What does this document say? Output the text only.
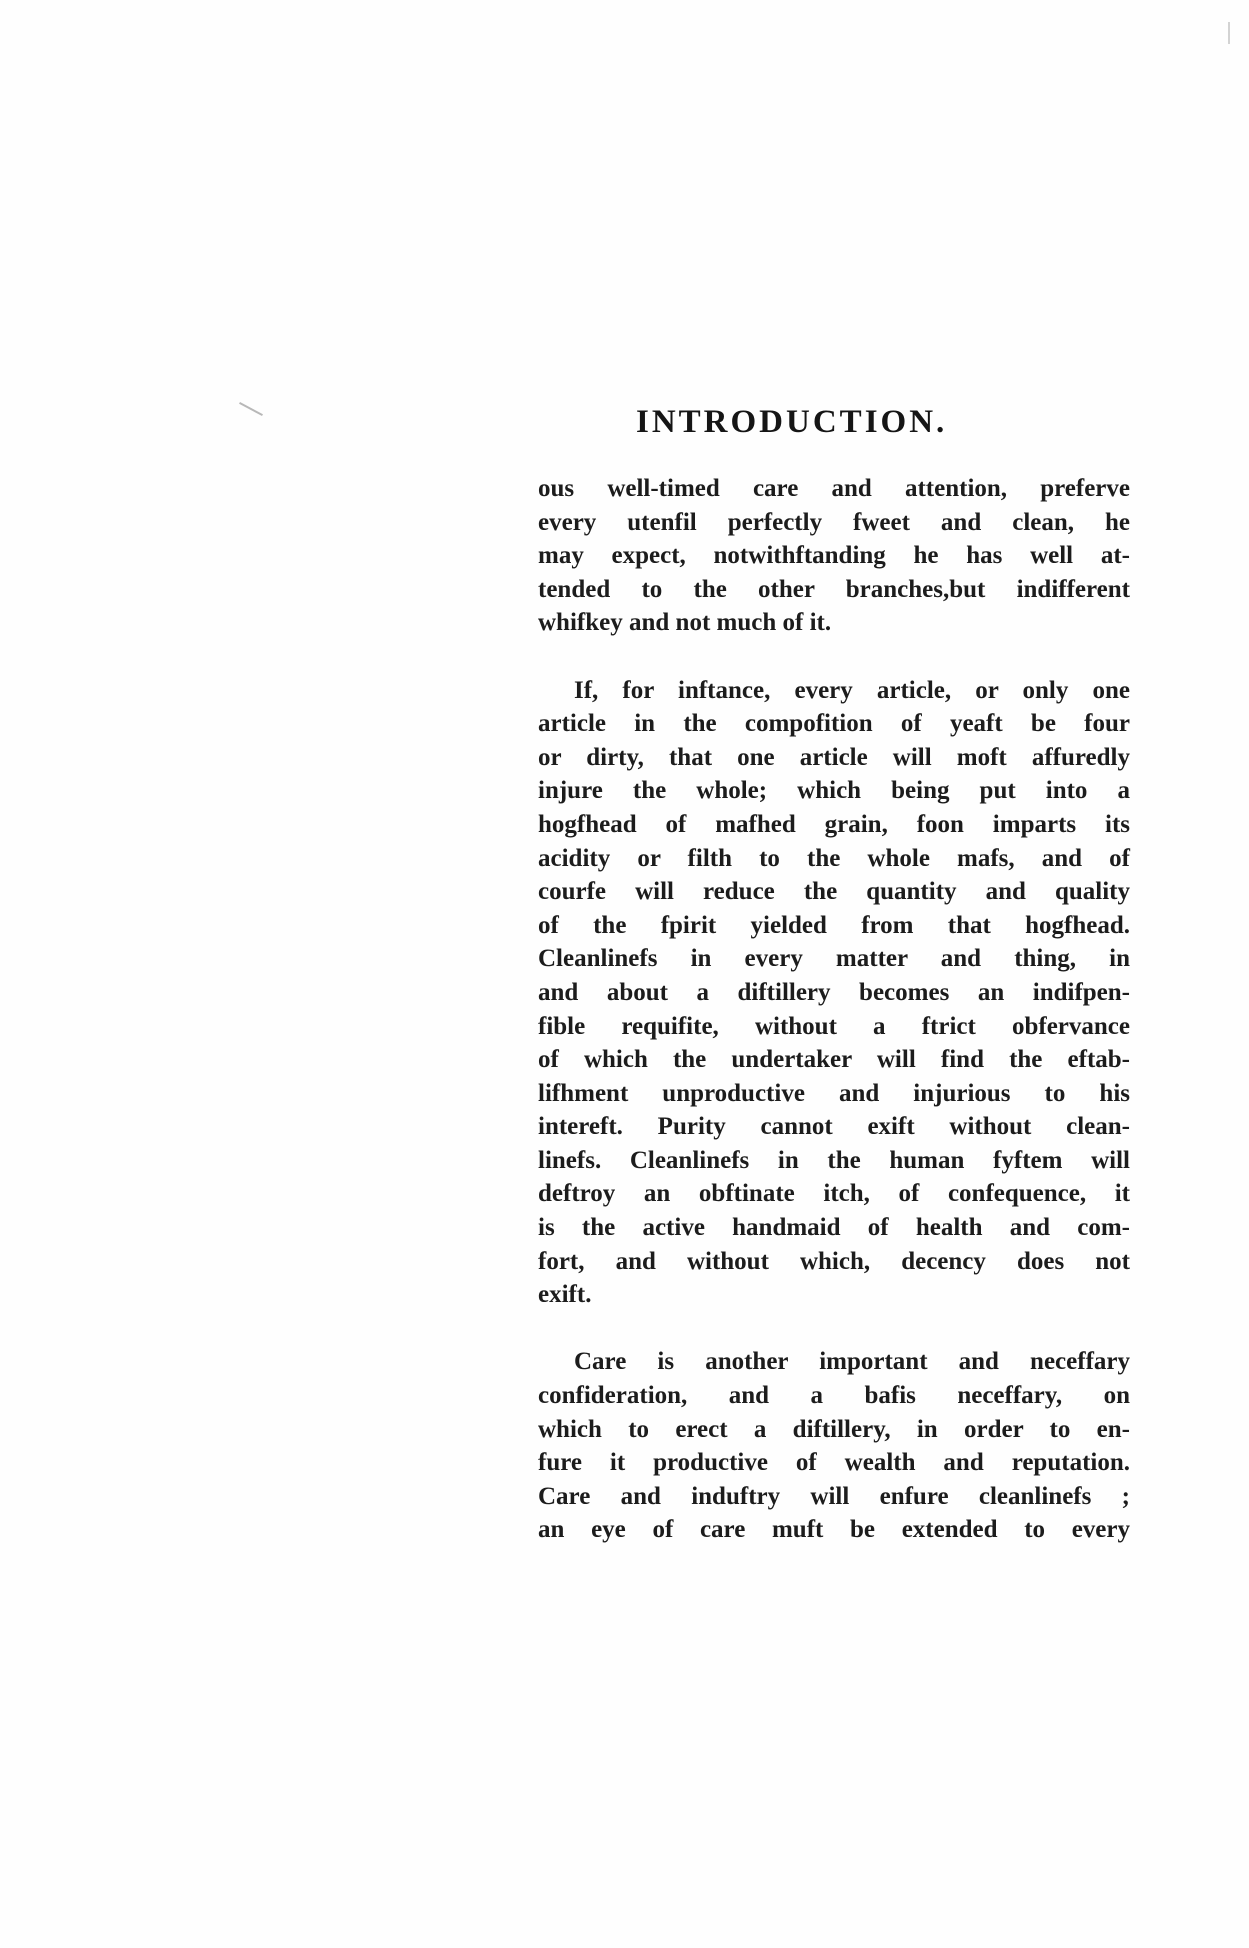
INTRODUCTION.
ous well-timed care and attention, preferve
every utenfil perfectly fweet and clean, he
may expect, notwithftanding he has well at-
tended to the other branches,but indifferent
whifkey and not much of it.
If, for inftance, every article, or only one
article in the compofition of yeaft be four
or dirty, that one article will moft affuredly
injure the whole; which being put into a
hogfhead of mafhed grain, foon imparts its
acidity or filth to the whole mafs, and of
courfe will reduce the quantity and quality
of the fpirit yielded from that hogfhead.
Cleanlinefs in every matter and thing, in
and about a diftillery becomes an indifpen-
fible requifite, without a ftrict obfervance
of which the undertaker will find the eftab-
lifhment unproductive and injurious to his
intereft. Purity cannot exift without clean-
linefs. Cleanlinefs in the human fyftem will
deftroy an obftinate itch, of confequence, it
is the active handmaid of health and com-
fort, and without which, decency does not
exift.
Care is another important and neceffary
confideration, and a bafis neceffary, on
which to erect a diftillery, in order to en-
fure it productive of wealth and reputation.
Care and induftry will enfure cleanlinefs ;
an eye of care muft be extended to every
